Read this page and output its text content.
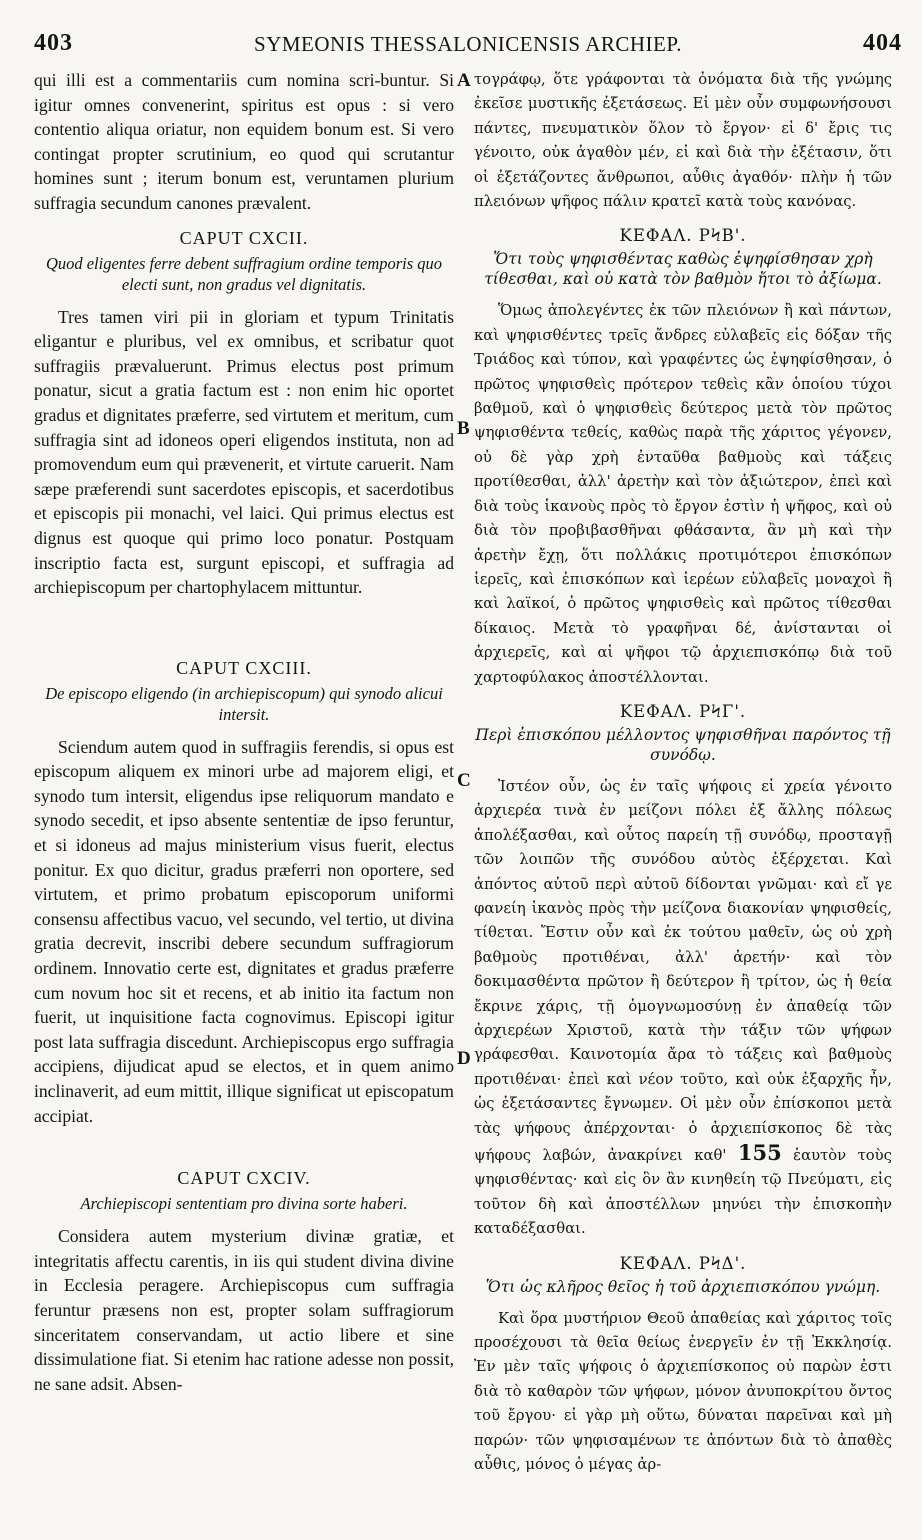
403	SYMEONIS THESSALONICENSIS ARCHIEP.	404
A
B
C
D

qui illi est a commentariis cum nomina scri-buntur. Si igitur omnes convenerint, spiritus est opus : si vero contentio aliqua oriatur, non equidem bonum est. Si vero contingat propter scrutinium, eo quod qui scrutantur homines sunt ; iterum bonum est, veruntamen plurium suffragia secundum canones prævalent.

CAPUT CXCII.
Quod eligentes ferre debent suffragium ordine temporis quo electi sunt, non gradus vel dignitatis.

Tres tamen viri pii in gloriam et typum Trinitatis eligantur e pluribus, vel ex omnibus, et scribatur quot suffragiis prævaluerunt. Primus electus post primum ponatur, sicut a gratia factum est : non enim hic oportet gradus et dignitates præferre, sed virtutem et meritum, cum suffragia sint ad idoneos operi eligendos instituta, non ad promovendum eum qui prævenerit, et virtute caruerit. Nam sæpe præferendi sunt sacerdotes episcopis, et sacerdotibus et episcopis pii monachi, vel laici. Qui primus electus est dignus est quoque qui primo loco ponatur. Postquam inscriptio facta est, surgunt episcopi, et suffragia ad archiepiscopum per chartophylacem mittuntur.

CAPUT CXCIII.
De episcopo eligendo (in archiepiscopum) qui synodo alicui intersit.

Sciendum autem quod in suffragiis ferendis, si opus est episcopum aliquem ex minori urbe ad majorem eligi, et synodo tum intersit, eligendus ipse reliquorum mandato e synodo secedit, et ipso absente sententiæ de ipso feruntur, et si idoneus ad majus ministerium visus fuerit, electus ponitur. Ex quo dicitur, gradus præferri non oportere, sed virtutem, et primo probatum episcoporum uniformi consensu affectibus vacuo, vel secundo, vel tertio, ut divina gratia decrevit, inscribi debere secundum suffragiorum ordinem. Innovatio certe est, dignitates et gradus præferre cum novum hoc sit et recens, et ab initio ita factum non fuerit, ut inquisitione facta cognovimus. Episcopi igitur post lata suffragia discedunt. Archiepiscopus ergo suffragia accipiens, dijudicat apud se electos, et in quem animo inclinaverit, ad eum mittit, illique significat ut episcopatum accipiat.

CAPUT CXCIV.
Archiepiscopi sententiam pro divina sorte haberi.

Considera autem mysterium divinæ gratiæ, et integritatis affectu carentis, in iis qui student divina divine in Ecclesia peragere. Archiepiscopus cum suffragia feruntur præsens non est, propter solam suffragiorum sinceritatem conservandam, ut actio libere et sine dissimulatione fiat. Si etenim hac ratione adesse non possit, ne sane adsit. Absen-

τογράφῳ, ὅτε γράφονται τὰ ὀνόματα διὰ τῆς γνώμης ἐκεῖσε μυστικῆς ἐξετάσεως. Εἰ μὲν οὖν συμφωνήσουσι πάντες, πνευματικὸν ὅλον τὸ ἔργον· εἰ δ' ἔρις τις γένοιτο, οὐκ ἀγαθὸν μέν, εἰ καὶ διὰ τὴν ἐξέτασιν, ὅτι οἱ ἐξετάζοντες ἄνθρωποι, αὖθις ἀγαθόν· πλὴν ἡ τῶν πλειόνων ψῆφος πάλιν κρατεῖ κατὰ τοὺς κανόνας.

ΚΕΦΑΛ. ΡϞΒ'.
Ὅτι τοὺς ψηφισθέντας καθὼς ἐψηφίσθησαν χρὴ τίθεσθαι, καὶ οὐ κατὰ τὸν βαθμὸν ἤτοι τὸ ἀξίωμα.

Ὅμως ἀπολεγέντες ἐκ τῶν πλειόνων ἢ καὶ πάντων, καὶ ψηφισθέντες τρεῖς ἄνδρες εὐλαβεῖς εἰς δόξαν τῆς Τριάδος καὶ τύπον, καὶ γραφέντες ὡς ἐψηφίσθησαν, ὁ πρῶτος ψηφισθεὶς πρότερον τεθεὶς κἂν ὁποίου τύχοι βαθμοῦ, καὶ ὁ ψηφισθεὶς δεύτερος μετὰ τὸν πρῶτος ψηφισθέντα τεθείς, καθὼς παρὰ τῆς χάριτος γέγονεν, οὐ δὲ γὰρ χρὴ ἐνταῦθα βαθμοὺς καὶ τάξεις προτίθεσθαι, ἀλλ' ἀρετὴν καὶ τὸν ἀξιώτερον, ἐπεὶ καὶ διὰ τοὺς ἱκανοὺς πρὸς τὸ ἔργον ἐστὶν ἡ ψῆφος, καὶ οὐ διὰ τὸν προβιβασθῆναι φθάσαντα, ἂν μὴ καὶ τὴν ἀρετὴν ἔχῃ, ὅτι πολλάκις προτιμότεροι ἐπισκόπων ἱερεῖς, καὶ ἐπισκόπων καὶ ἱερέων εὐλαβεῖς μοναχοὶ ἢ καὶ λαϊκοί, ὁ πρῶτος ψηφισθεὶς καὶ πρῶτος τίθεσθαι δίκαιος. Μετὰ τὸ γραφῆναι δέ, ἀνίστανται οἱ ἀρχιερεῖς, καὶ αἱ ψῆφοι τῷ ἀρχιεπισκόπῳ διὰ τοῦ χαρτοφύλακος ἀποστέλλονται.

ΚΕΦΑΛ. ΡϞΓ'.
Περὶ ἐπισκόπου μέλλοντος ψηφισθῆναι παρόντος τῇ συνόδῳ.

Ἰστέον οὖν, ὡς ἐν ταῖς ψήφοις εἰ χρεία γένοιτο ἀρχιερέα τινὰ ἐν μείζονι πόλει ἐξ ἄλλης πόλεως ἀπολέξασθαι, καὶ οὗτος παρείη τῇ συνόδῳ, προσταγῇ τῶν λοιπῶν τῆς συνόδου αὐτὸς ἐξέρχεται. Καὶ ἀπόντος αὐτοῦ περὶ αὐτοῦ δίδονται γνῶμαι· καὶ εἴ γε φανείη ἱκανὸς πρὸς τὴν μείζονα διακονίαν ψηφισθείς, τίθεται. Ἔστιν οὖν καὶ ἐκ τούτου μαθεῖν, ὡς οὐ χρὴ βαθμοὺς προτιθέναι, ἀλλ' ἀρετήν· καὶ τὸν δοκιμασθέντα πρῶτον ἢ δεύτερον ἢ τρίτον, ὡς ἡ θεία ἔκρινε χάρις, τῇ ὁμογνωμοσύνῃ ἐν ἀπαθείᾳ τῶν ἀρχιερέων Χριστοῦ, κατὰ τὴν τάξιν τῶν ψήφων γράφεσθαι. Καινοτομία ἄρα τὸ τάξεις καὶ βαθμοὺς προτιθέναι· ἐπεὶ καὶ νέον τοῦτο, καὶ οὐκ ἐξαρχῆς ἦν, ὡς ἐξετάσαντες ἔγνωμεν. Οἱ μὲν οὖν ἐπίσκοποι μετὰ τὰς ψήφους ἀπέρχονται· ὁ ἀρχιεπίσκοπος δὲ τὰς ψήφους λαβών, ἀνακρίνει καθ' 155 ἑαυτὸν τοὺς ψηφισθέντας· καὶ εἰς ὃν ἂν κινηθείη τῷ Πνεύματι, εἰς τοῦτον δὴ καὶ ἀποστέλλων μηνύει τὴν ἐπισκοπὴν καταδέξασθαι.

ΚΕΦΑΛ. ΡϞΔ'.
Ὅτι ὡς κλῆρος θεῖος ἡ τοῦ ἀρχιεπισκόπου γνώμη.

Καὶ ὅρα μυστήριον Θεοῦ ἀπαθείας καὶ χάριτος τοῖς προσέχουσι τὰ θεῖα θείως ἐνεργεῖν ἐν τῇ Ἐκκλησίᾳ. Ἐν μὲν ταῖς ψήφοις ὁ ἀρχιεπίσκοπος οὐ παρὼν ἐστι διὰ τὸ καθαρὸν τῶν ψήφων, μόνον ἀνυποκρίτου ὄντος τοῦ ἔργου· εἰ γὰρ μὴ οὕτω, δύναται παρεῖναι καὶ μὴ παρών· τῶν ψηφισαμένων τε ἀπόντων διὰ τὸ ἀπαθὲς αὖθις, μόνος ὁ μέγας ἀρ-
